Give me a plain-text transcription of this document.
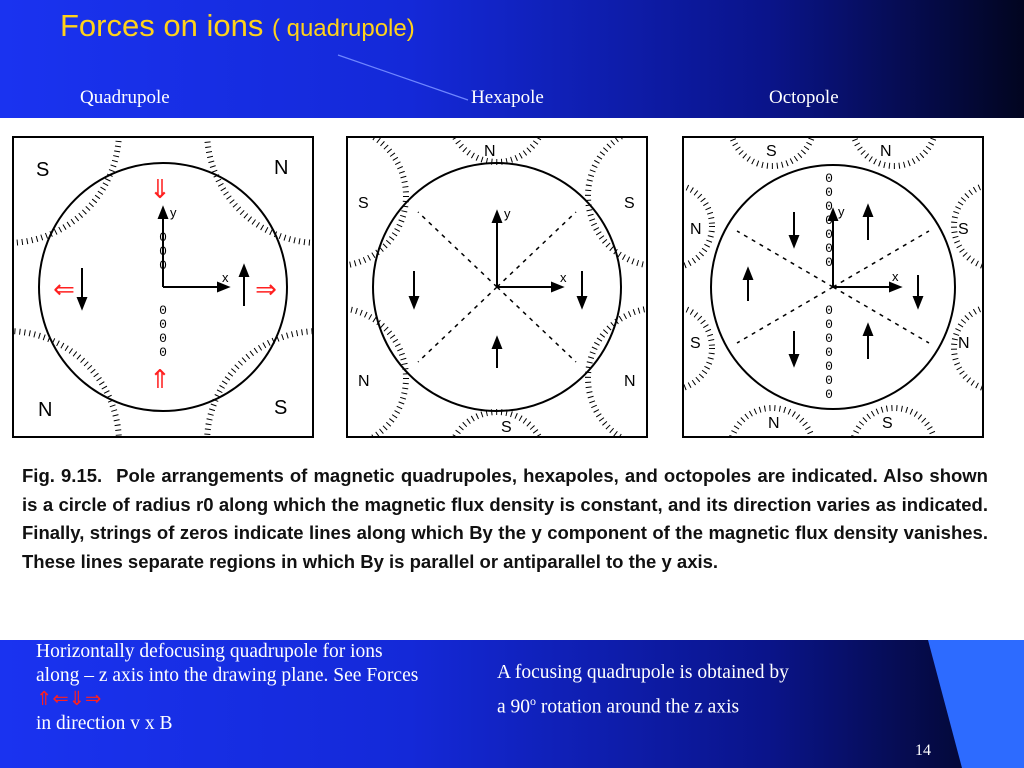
Forces on ions ( quadrupole)
Quadrupole	Hexapole	Octopole
0
0
0
0
0
0
0
S	N
N	S
y
x
⇓
⇐	⇒
⇑
N
S	S
S
N	N
y
x
0
0
0
0
0
0
0
0
0
0
0
0
0
0
S	N
S
N
S
N
N
S
y
x
Fig. 9.15. Pole arrangements of magnetic quadrupoles, hexapoles, and octopoles are indicated. Also shown is a circle of radius r0 along which the magnetic flux density is constant, and its direction varies as indicated. Finally, strings of zeros indicate lines along which By the y component of the magnetic flux density vanishes. These lines separate regions in which By is parallel or antiparallel to the y axis.
Horizontally defocusing quadrupole for ions along – z axis into the drawing plane. See Forces ⇑⇐⇓⇒
in direction v x B
A focusing quadrupole is obtained by a 90$^o$ rotation around the z axis
14
